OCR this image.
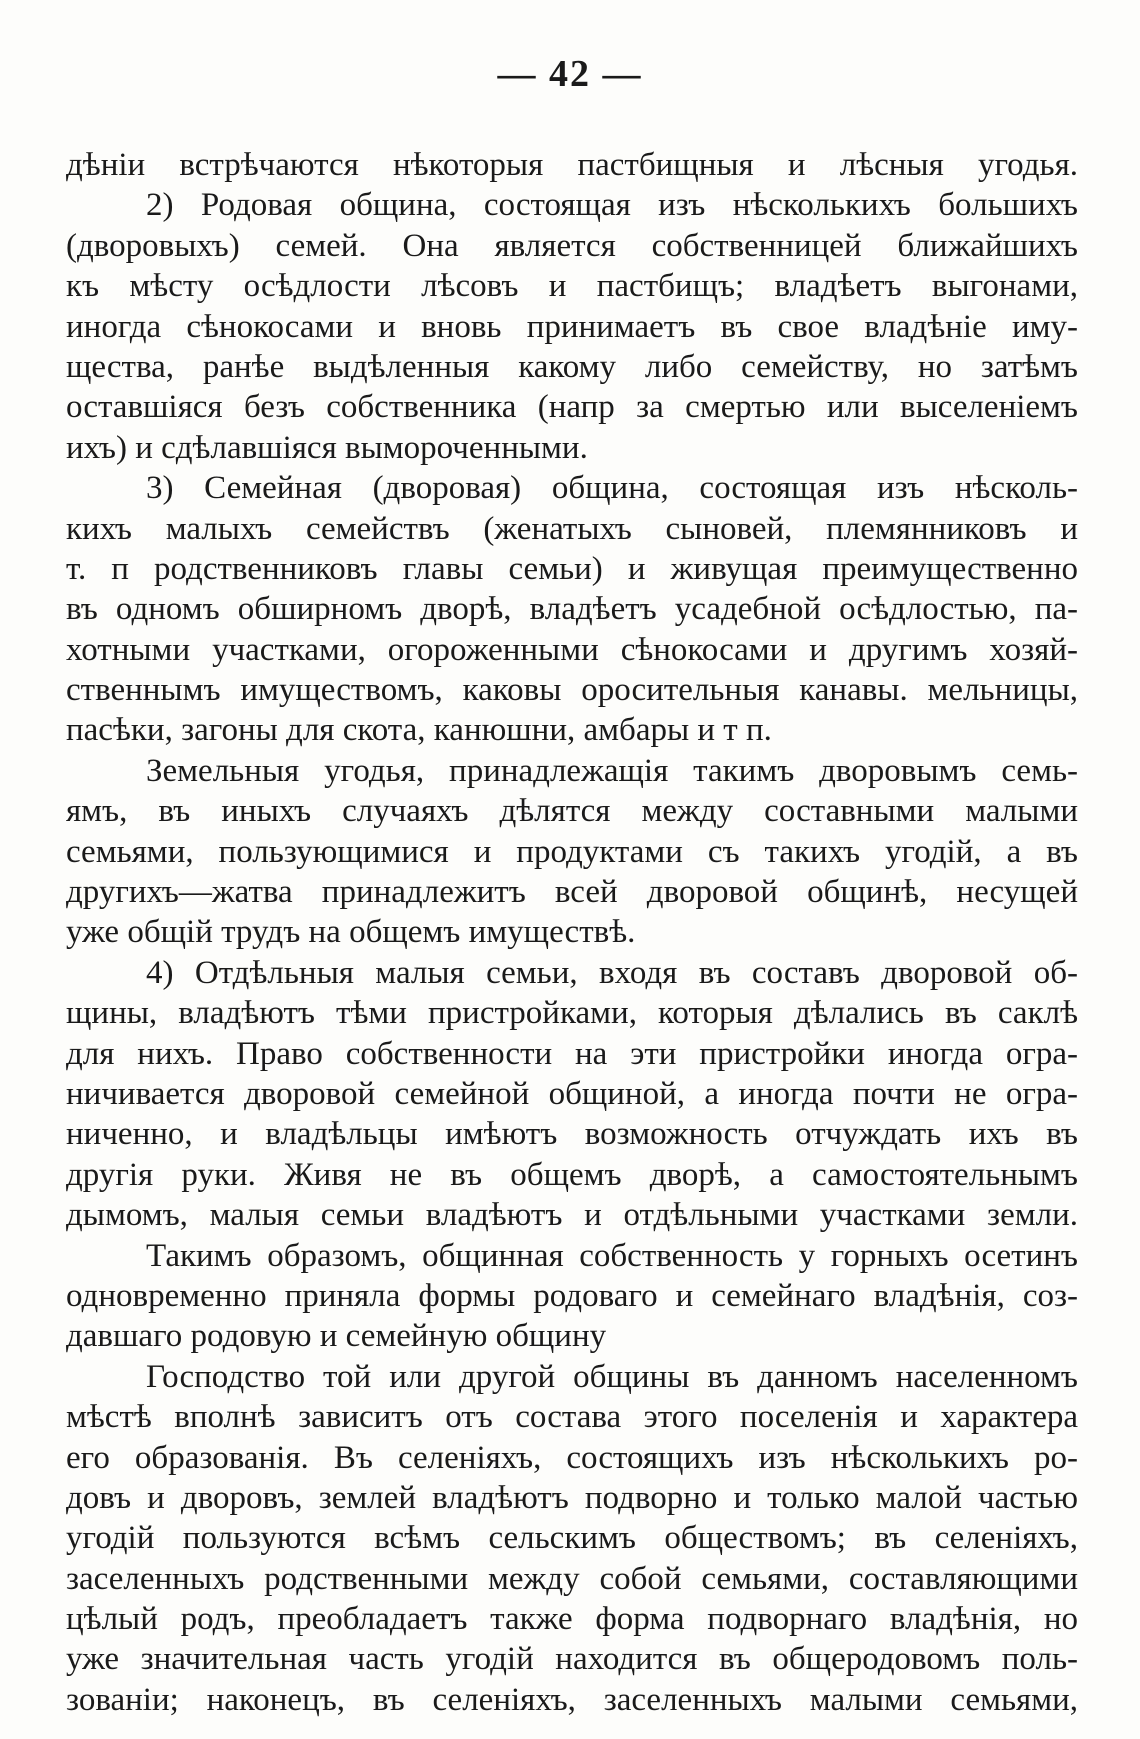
— 42 —
дѣніи встрѣчаются нѣкоторыя пастбищныя и лѣсныя угодья.
2) Родовая община, состоящая изъ нѣсколькихъ большихъ
(дворовыхъ) семей. Она является собственницей ближайшихъ
къ мѣсту осѣдлости лѣсовъ и пастбищъ; владѣетъ выгонами,
иногда сѣнокосами и вновь принимаетъ въ свое владѣніе иму-
щества, ранѣе выдѣленныя какому либо семейству, но затѣмъ
оставшіяся безъ собственника (напр за смертью или выселеніемъ
ихъ) и сдѣлавшіяся вымороченными.
3) Семейная (дворовая) община, состоящая изъ нѣсколь-
кихъ малыхъ семействъ (женатыхъ сыновей, племянниковъ и
т. п родственниковъ главы семьи) и живущая преимущественно
въ одномъ обширномъ дворѣ, владѣетъ усадебной осѣдлостью, па-
хотными участками, огороженными сѣнокосами и другимъ хозяй-
ственнымъ имуществомъ, каковы оросительныя канавы. мельницы,
пасѣки, загоны для скота, канюшни, амбары и т п.
Земельныя угодья, принадлежащія такимъ дворовымъ семь-
ямъ, въ иныхъ случаяхъ дѣлятся между составными малыми
семьями, пользующимися и продуктами съ такихъ угодій, а въ
другихъ—жатва принадлежитъ всей дворовой общинѣ, несущей
уже общій трудъ на общемъ имуществѣ.
4) Отдѣльныя малыя семьи, входя въ составъ дворовой об-
щины, владѣютъ тѣми пристройками, которыя дѣлались въ саклѣ
для нихъ. Право собственности на эти пристройки иногда огра-
ничивается дворовой семейной общиной, а иногда почти не огра-
ниченно, и владѣльцы имѣютъ возможность отчуждать ихъ въ
другія руки. Живя не въ общемъ дворѣ, а самостоятельнымъ
дымомъ, малыя семьи владѣютъ и отдѣльными участками земли.
Такимъ образомъ, общинная собственность у горныхъ осетинъ
одновременно приняла формы родоваго и семейнаго владѣнія, соз-
давшаго родовую и семейную общину
Господство той или другой общины въ данномъ населенномъ
мѣстѣ вполнѣ зависитъ отъ состава этого поселенія и характера
его образованія. Въ селеніяхъ, состоящихъ изъ нѣсколькихъ ро-
довъ и дворовъ, землей владѣютъ подворно и только малой частью
угодій пользуются всѣмъ сельскимъ обществомъ; въ селеніяхъ,
заселенныхъ родственными между собой семьями, составляющими
цѣлый родъ, преобладаетъ также форма подворнаго владѣнія, но
уже значительная часть угодій находится въ общеродовомъ поль-
зованіи; наконецъ, въ селеніяхъ, заселенныхъ малыми семьями,
